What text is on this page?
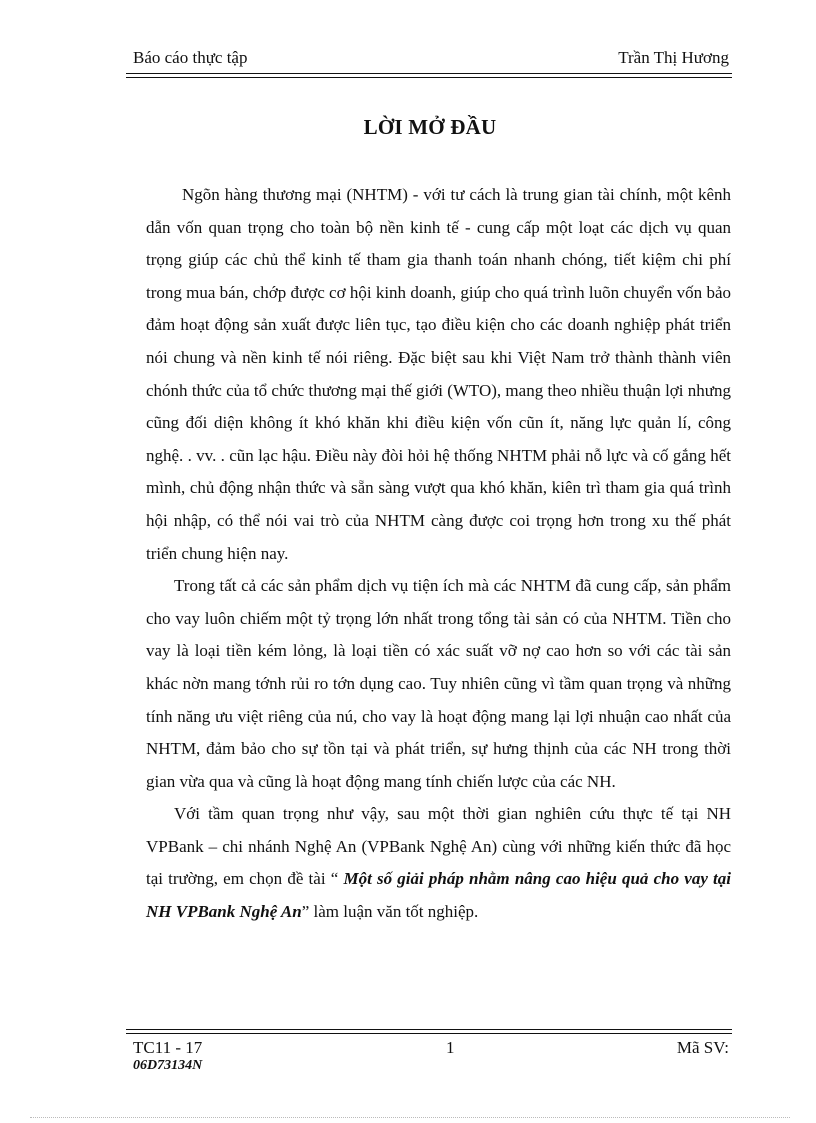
Báo cáo thực tập	Trần Thị Hương
LỜI MỞ ĐẦU

Ngõn hàng thương mại (NHTM) - với tư cách là trung gian tài chính, một kênh dẫn vốn quan trọng cho toàn bộ nền kinh tế - cung cấp một loạt các dịch vụ quan trọng giúp các chủ thể kinh tế tham gia thanh toán nhanh chóng, tiết kiệm chi phí trong mua bán, chớp được cơ hội kinh doanh, giúp cho quá trình luõn chuyển vốn bảo đảm hoạt động sản xuất được liên tục, tạo điều kiện cho các doanh nghiệp phát triển nói chung và nền kinh tế nói riêng. Đặc biệt sau khi Việt Nam trở thành thành viên chónh thức của tổ chức thương mại thế giới (WTO), mang theo nhiều thuận lợi nhưng cũng đối diện không ít khó khăn khi điều kiện vốn cũn ít, năng lực quản lí, công nghệ. . vv. . cũn lạc hậu. Điều này đòi hỏi hệ thống NHTM phải nỗ lực và cố gắng hết mình, chủ động nhận thức và sẵn sàng vượt qua khó khăn, kiên trì tham gia quá trình hội nhập, có thể nói vai trò của NHTM càng được coi trọng hơn trong xu thế phát triển chung hiện nay.

Trong tất cả các sản phẩm dịch vụ tiện ích mà các NHTM đã cung cấp, sản phẩm cho vay luôn chiếm một tỷ trọng lớn nhất trong tổng tài sản có của NHTM. Tiền cho vay là loại tiền kém lỏng, là loại tiền có xác suất vỡ nợ cao hơn so với các tài sản khác nờn mang tớnh rủi ro tớn dụng cao. Tuy nhiên cũng vì tầm quan trọng và những tính năng ưu việt riêng của nú, cho vay là hoạt động mang lại lợi nhuận cao nhất của NHTM, đảm bảo cho sự tồn tại và phát triển, sự hưng thịnh của các NH trong thời gian vừa qua và cũng là hoạt động mang tính chiến lược của các NH.

Với tầm quan trọng như vậy, sau một thời gian nghiên cứu thực tế tại NH VPBank – chi nhánh Nghệ An (VPBank Nghệ An) cùng với những kiến thức đã học tại trường, em chọn đề tài “ Một số giải pháp nhằm nâng cao hiệu quả cho vay tại NH VPBank Nghệ An” làm luận văn tốt nghiệp.

TC11 - 17	1	Mã SV:
06D73134N
